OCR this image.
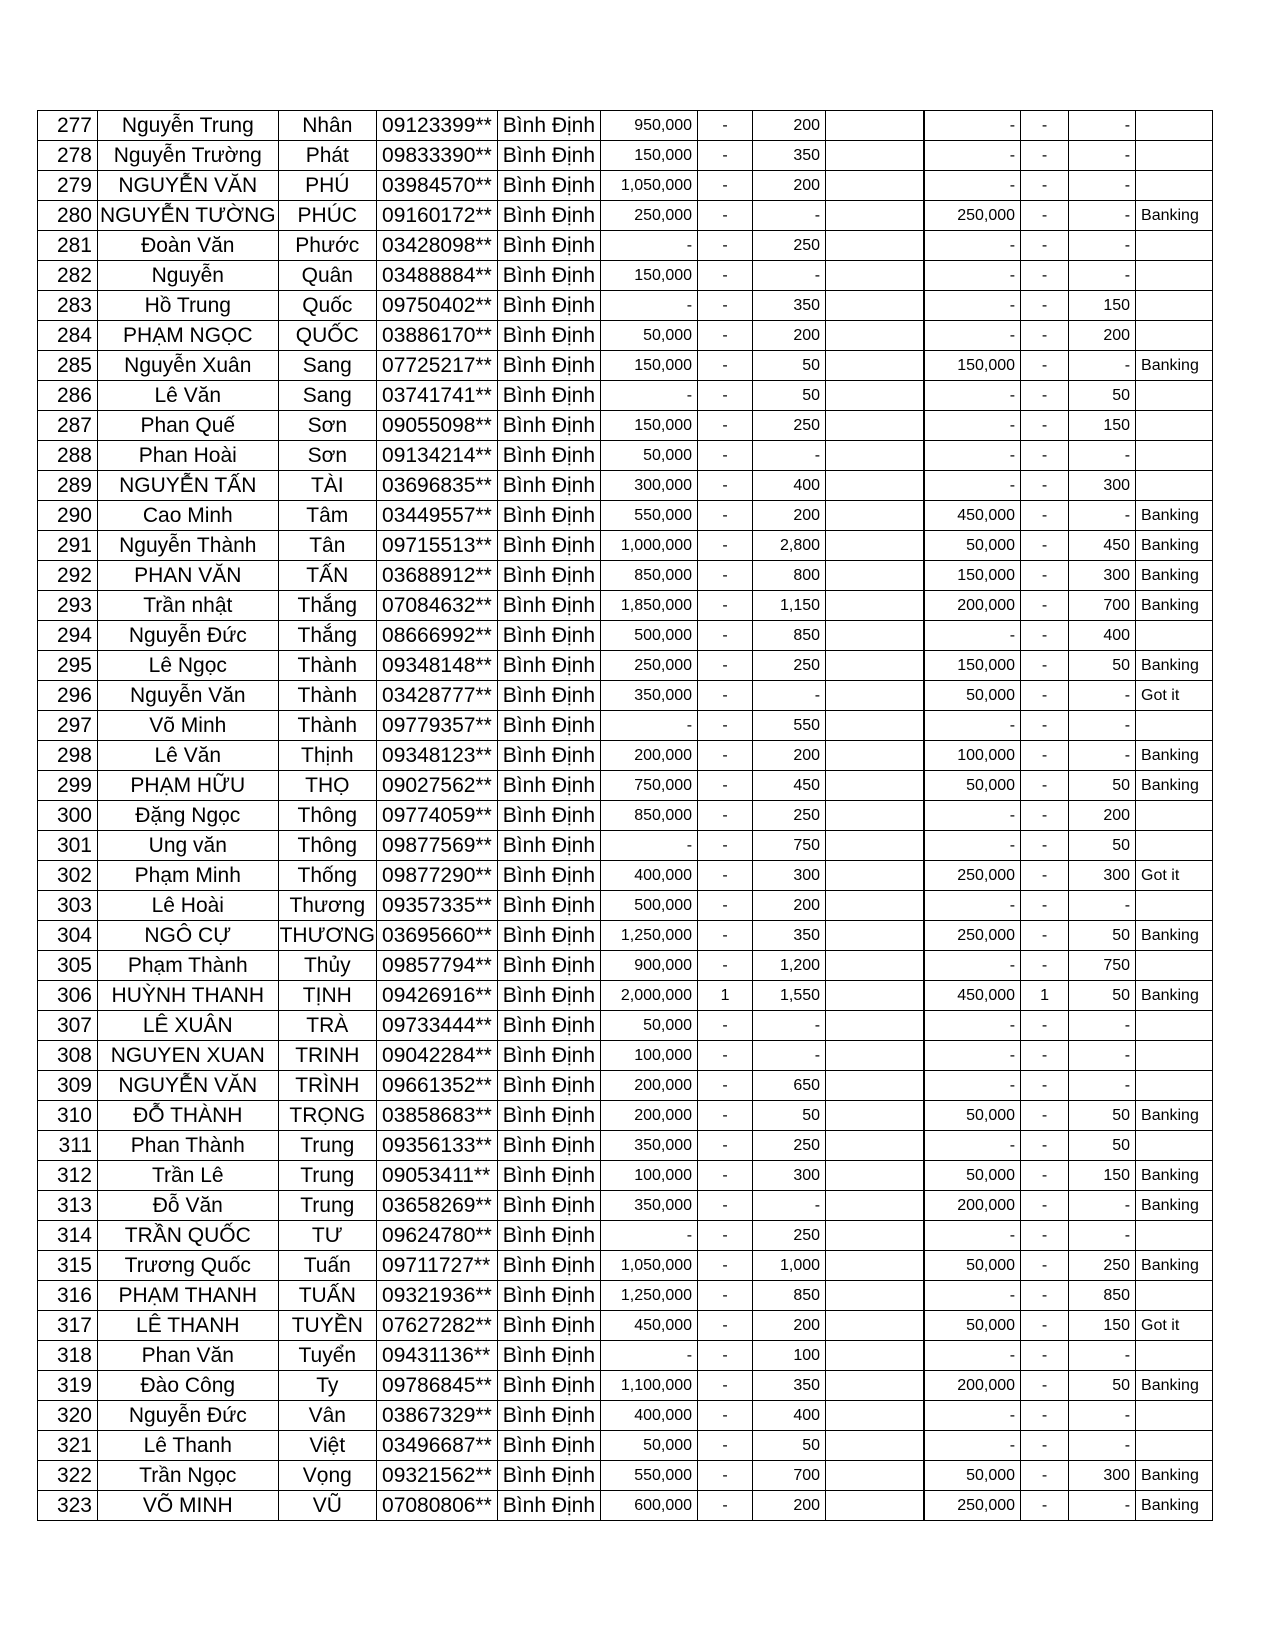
277	Nguyễn Trung	Nhân	09123399**	Bình Định	950,000	-	200		-	-	-	
278	Nguyễn Trường	Phát	09833390**	Bình Định	150,000	-	350		-	-	-	
279	NGUYỄN VĂN	PHÚ	03984570**	Bình Định	1,050,000	-	200		-	-	-	
280	NGUYỄN TƯỜNG	PHÚC	09160172**	Bình Định	250,000	-	-		250,000	-	-	Banking
281	Đoàn Văn	Phước	03428098**	Bình Định	-	-	250		-	-	-	
282	Nguyễn	Quân	03488884**	Bình Định	150,000	-	-		-	-	-	
283	Hồ Trung	Quốc	09750402**	Bình Định	-	-	350		-	-	150	
284	PHẠM NGỌC	QUỐC	03886170**	Bình Định	50,000	-	200		-	-	200	
285	Nguyễn Xuân	Sang	07725217**	Bình Định	150,000	-	50		150,000	-	-	Banking
286	Lê Văn	Sang	03741741**	Bình Định	-	-	50		-	-	50	
287	Phan Quế	Sơn	09055098**	Bình Định	150,000	-	250		-	-	150	
288	Phan Hoài	Sơn	09134214**	Bình Định	50,000	-	-		-	-	-	
289	NGUYỄN TẤN	TÀI	03696835**	Bình Định	300,000	-	400		-	-	300	
290	Cao Minh	Tâm	03449557**	Bình Định	550,000	-	200		450,000	-	-	Banking
291	Nguyễn Thành	Tân	09715513**	Bình Định	1,000,000	-	2,800		50,000	-	450	Banking
292	PHAN VĂN	TẤN	03688912**	Bình Định	850,000	-	800		150,000	-	300	Banking
293	Trần nhật	Thắng	07084632**	Bình Định	1,850,000	-	1,150		200,000	-	700	Banking
294	Nguyễn Đức	Thắng	08666992**	Bình Định	500,000	-	850		-	-	400	
295	Lê Ngọc	Thành	09348148**	Bình Định	250,000	-	250		150,000	-	50	Banking
296	Nguyễn Văn	Thành	03428777**	Bình Định	350,000	-	-		50,000	-	-	Got it
297	Võ Minh	Thành	09779357**	Bình Định	-	-	550		-	-	-	
298	Lê Văn	Thịnh	09348123**	Bình Định	200,000	-	200		100,000	-	-	Banking
299	PHẠM HỮU	THỌ	09027562**	Bình Định	750,000	-	450		50,000	-	50	Banking
300	Đặng Ngọc	Thông	09774059**	Bình Định	850,000	-	250		-	-	200	
301	Ung văn	Thông	09877569**	Bình Định	-	-	750		-	-	50	
302	Phạm Minh	Thống	09877290**	Bình Định	400,000	-	300		250,000	-	300	Got it
303	Lê Hoài	Thương	09357335**	Bình Định	500,000	-	200		-	-	-	
304	NGÔ CỰ	THƯƠNG	03695660**	Bình Định	1,250,000	-	350		250,000	-	50	Banking
305	Phạm Thành	Thủy	09857794**	Bình Định	900,000	-	1,200		-	-	750	
306	HUỲNH THANH	TỊNH	09426916**	Bình Định	2,000,000	1	1,550		450,000	1	50	Banking
307	LÊ XUÂN	TRÀ	09733444**	Bình Định	50,000	-	-		-	-	-	
308	NGUYEN XUAN	TRINH	09042284**	Bình Định	100,000	-	-		-	-	-	
309	NGUYỄN VĂN	TRÌNH	09661352**	Bình Định	200,000	-	650		-	-	-	
310	ĐỖ THÀNH	TRỌNG	03858683**	Bình Định	200,000	-	50		50,000	-	50	Banking
311	Phan Thành	Trung	09356133**	Bình Định	350,000	-	250		-	-	50	
312	Trần Lê	Trung	09053411**	Bình Định	100,000	-	300		50,000	-	150	Banking
313	Đỗ Văn	Trung	03658269**	Bình Định	350,000	-	-		200,000	-	-	Banking
314	TRẦN QUỐC	TƯ	09624780**	Bình Định	-	-	250		-	-	-	
315	Trương Quốc	Tuấn	09711727**	Bình Định	1,050,000	-	1,000		50,000	-	250	Banking
316	PHẠM THANH	TUẤN	09321936**	Bình Định	1,250,000	-	850		-	-	850	
317	LÊ THANH	TUYỀN	07627282**	Bình Định	450,000	-	200		50,000	-	150	Got it
318	Phan Văn	Tuyển	09431136**	Bình Định	-	-	100		-	-	-	
319	Đào Công	Ty	09786845**	Bình Định	1,100,000	-	350		200,000	-	50	Banking
320	Nguyễn Đức	Vân	03867329**	Bình Định	400,000	-	400		-	-	-	
321	Lê Thanh	Việt	03496687**	Bình Định	50,000	-	50		-	-	-	
322	Trần Ngọc	Vọng	09321562**	Bình Định	550,000	-	700		50,000	-	300	Banking
323	VÕ MINH	VŨ	07080806**	Bình Định	600,000	-	200		250,000	-	-	Banking
